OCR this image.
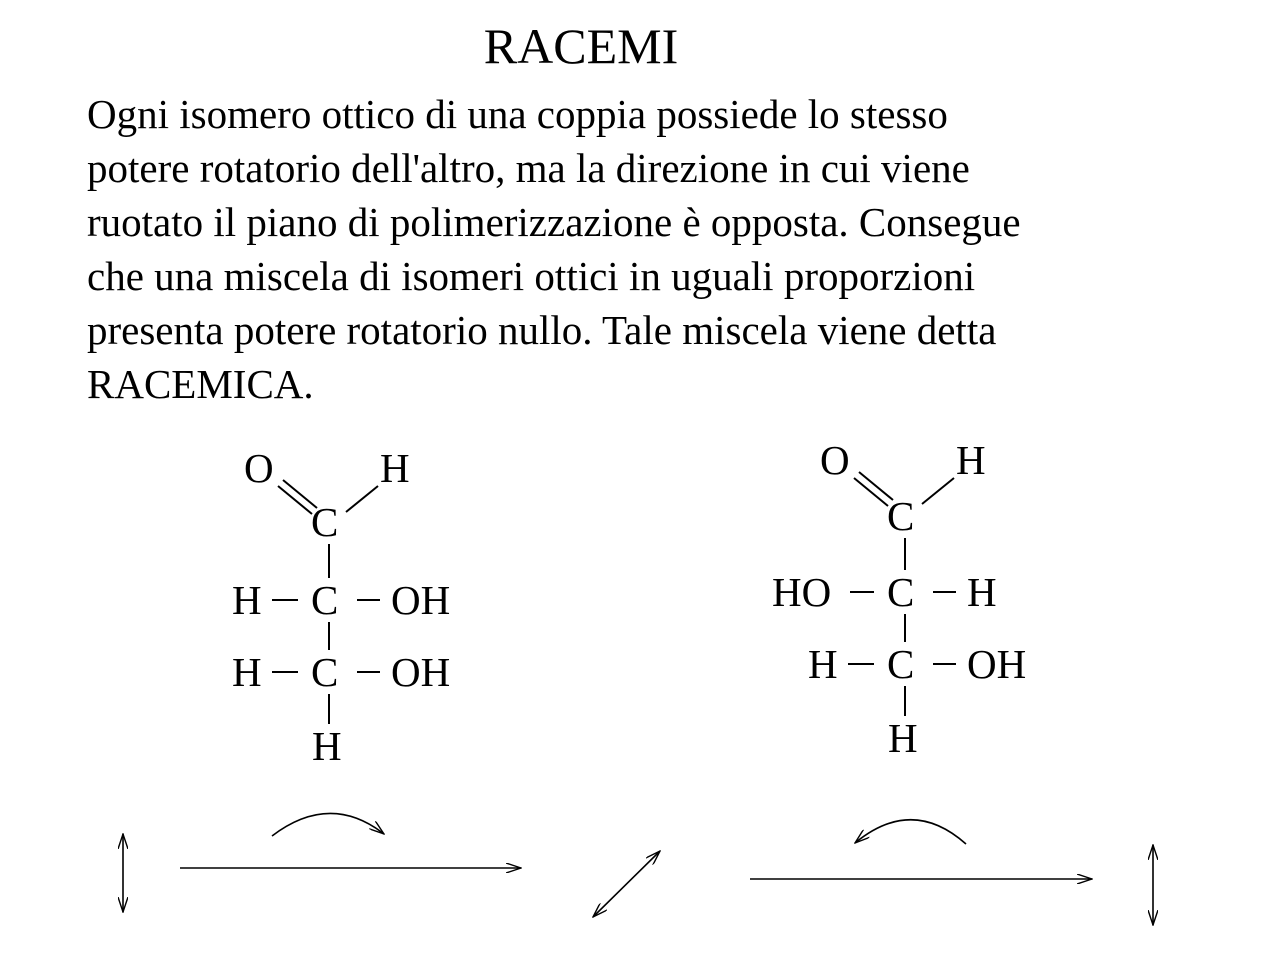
RACEMI
Ogni isomero ottico di una coppia possiede lo stesso
potere rotatorio dell'altro, ma la direzione in cui viene
ruotato il piano di polimerizzazione è opposta. Consegue
che una miscela di isomeri ottici in uguali proporzioni
presenta potere rotatorio nullo. Tale miscela viene detta
RACEMICA.
O	H
C
H C OH
H C OH
H
O	H
C
HO C H
H C OH
H
